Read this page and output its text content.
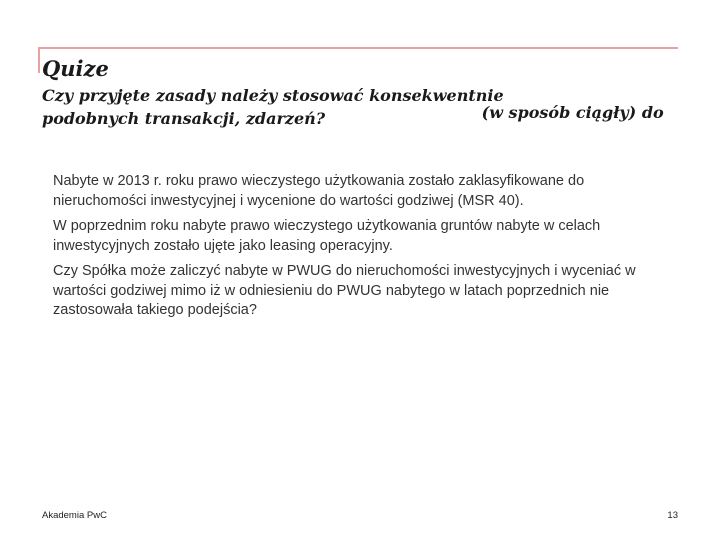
Quize
Czy przyjęte zasady należy stosować konsekwentnie
(w sposób ciągły) do
podobnych transakcji, zdarzeń?

Nabyte w 2013 r. roku prawo wieczystego użytkowania zostało zaklasyfikowane do nieruchomości inwestycyjnej i wycenione do wartości godziwej (MSR 40).

W poprzednim roku nabyte prawo wieczystego użytkowania gruntów nabyte w celach inwestycyjnych zostało ujęte jako leasing operacyjny.

Czy Spółka może zaliczyć nabyte w PWUG do nieruchomości inwestycyjnych i wyceniać w wartości godziwej mimo iż w odniesieniu do PWUG nabytego w latach poprzednich nie zastosowała takiego podejścia?

Akademia PwC	13
